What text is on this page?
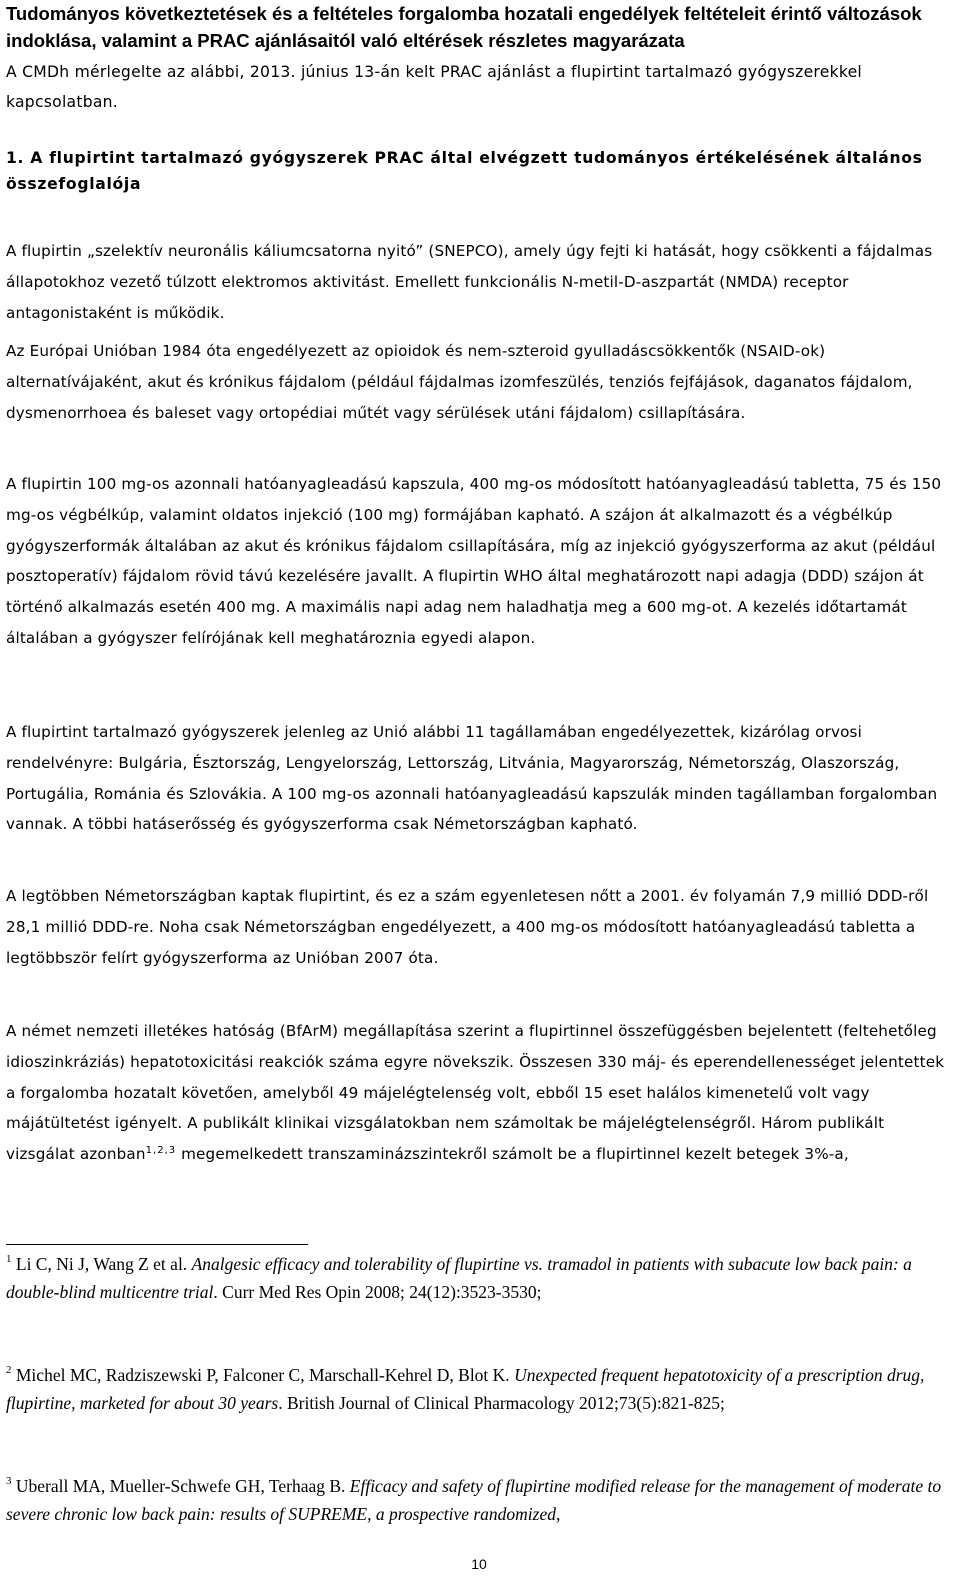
Tudományos következtetések és a feltételes forgalomba hozatali engedélyek feltételeit érintő változások indoklása, valamint a PRAC ajánlásaitól való eltérések részletes magyarázata

A CMDh mérlegelte az alábbi, 2013. június 13-án kelt PRAC ajánlást a flupirtint tartalmazó gyógyszerekkel kapcsolatban.

1. A flupirtint tartalmazó gyógyszerek PRAC által elvégzett tudományos értékelésének általános összefoglalója

A flupirtin „szelektív neuronális káliumcsatorna nyitó” (SNEPCO), amely úgy fejti ki hatását, hogy csökkenti a fájdalmas állapotokhoz vezető túlzott elektromos aktivitást. Emellett funkcionális N-metil-D-aszpartát (NMDA) receptor antagonistaként is működik.

Az Európai Unióban 1984 óta engedélyezett az opioidok és nem-szteroid gyulladáscsökkentők (NSAID-ok) alternatívájaként, akut és krónikus fájdalom (például fájdalmas izomfeszülés, tenziós fejfájások, daganatos fájdalom, dysmenorrhoea és baleset vagy ortopédiai műtét vagy sérülések utáni fájdalom) csillapítására.

A flupirtin 100 mg-os azonnali hatóanyagleadású kapszula, 400 mg-os módosított hatóanyagleadású tabletta, 75 és 150 mg-os végbélkúp, valamint oldatos injekció (100 mg) formájában kapható. A szájon át alkalmazott és a végbélkúp gyógyszerformák általában az akut és krónikus fájdalom csillapítására, míg az injekció gyógyszerforma az akut (például posztoperatív) fájdalom rövid távú kezelésére javallt. A flupirtin WHO által meghatározott napi adagja (DDD) szájon át történő alkalmazás esetén 400 mg. A maximális napi adag nem haladhatja meg a 600 mg-ot. A kezelés időtartamát általában a gyógyszer felírójának kell meghatároznia egyedi alapon.

A flupirtint tartalmazó gyógyszerek jelenleg az Unió alábbi 11 tagállamában engedélyezettek, kizárólag orvosi rendelvényre: Bulgária, Észtország, Lengyelország, Lettország, Litvánia, Magyarország, Németország, Olaszország, Portugália, Románia és Szlovákia. A 100 mg-os azonnali hatóanyagleadású kapszulák minden tagállamban forgalomban vannak. A többi hatáserősség és gyógyszerforma csak Németországban kapható.

A legtöbben Németországban kaptak flupirtint, és ez a szám egyenletesen nőtt a 2001. év folyamán 7,9 millió DDD-ről 28,1 millió DDD-re. Noha csak Németországban engedélyezett, a 400 mg-os módosított hatóanyagleadású tabletta a legtöbbször felírt gyógyszerforma az Unióban 2007 óta.

A német nemzeti illetékes hatóság (BfArM) megállapítása szerint a flupirtinnel összefüggésben bejelentett (feltehetőleg idioszinkráziás) hepatotoxicitási reakciók száma egyre növekszik. Összesen 330 máj- és eperendellenességet jelentettek a forgalomba hozatalt követően, amelyből 49 májelégtelenség volt, ebből 15 eset halálos kimenetelű volt vagy májátültetést igényelt. A publikált klinikai vizsgálatokban nem számoltak be májelégtelenségről. Három publikált vizsgálat azonban$^{1,2,3}$ megemelkedett transzaminázszintekről számolt be a flupirtinnel kezelt betegek 3%-a,

$^1$ Li C, Ni J, Wang Z et al. Analgesic efficacy and tolerability of flupirtine vs. tramadol in patients with subacute low back pain: a double-blind multicentre trial. Curr Med Res Opin 2008; 24(12):3523-3530;

$^2$ Michel MC, Radziszewski P, Falconer C, Marschall-Kehrel D, Blot K. Unexpected frequent hepatotoxicity of a prescription drug, flupirtine, marketed for about 30 years. British Journal of Clinical Pharmacology 2012;73(5):821-825;

$^3$ Uberall MA, Mueller-Schwefe GH, Terhaag B. Efficacy and safety of flupirtine modified release for the management of moderate to severe chronic low back pain: results of SUPREME, a prospective randomized,

10
